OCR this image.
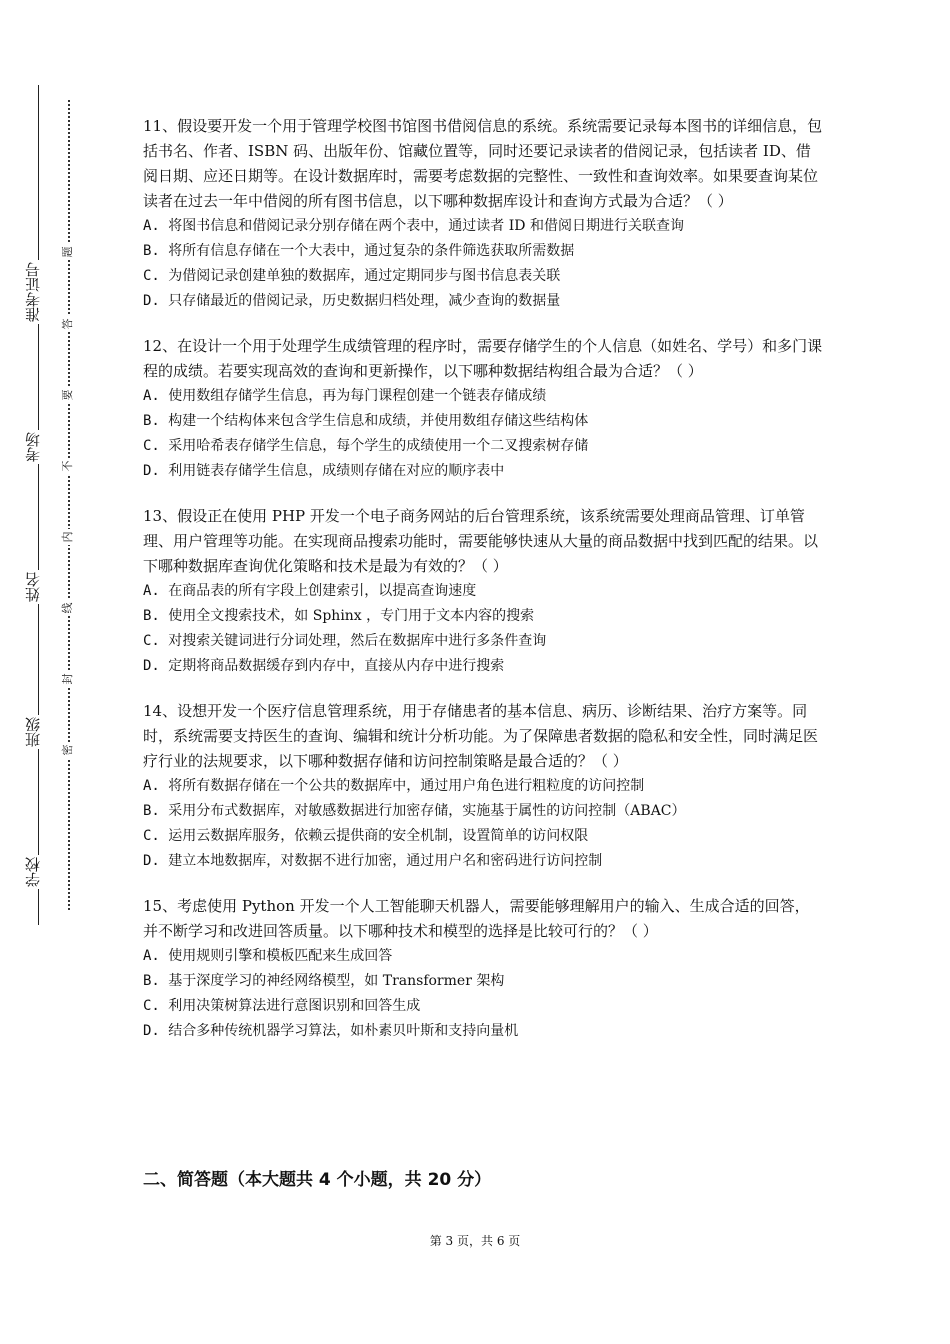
学校
班级
姓名
考场
准考证号
题
答
要
不
内
线
封
密
11、假设要开发一个用于管理学校图书馆图书借阅信息的系统。系统需要记录每本图书的详细信息，包括书名、作者、ISBN 码、出版年份、馆藏位置等，同时还要记录读者的借阅记录，包括读者 ID、借阅日期、应还日期等。在设计数据库时，需要考虑数据的完整性、一致性和查询效率。如果要查询某位读者在过去一年中借阅的所有图书信息，以下哪种数据库设计和查询方式最为合适？（ ）
A. 将图书信息和借阅记录分别存储在两个表中，通过读者 ID 和借阅日期进行关联查询
B. 将所有信息存储在一个大表中，通过复杂的条件筛选获取所需数据
C. 为借阅记录创建单独的数据库，通过定期同步与图书信息表关联
D. 只存储最近的借阅记录，历史数据归档处理，减少查询的数据量
12、在设计一个用于处理学生成绩管理的程序时，需要存储学生的个人信息（如姓名、学号）和多门课程的成绩。若要实现高效的查询和更新操作，以下哪种数据结构组合最为合适？（ ）
A. 使用数组存储学生信息，再为每门课程创建一个链表存储成绩
B. 构建一个结构体来包含学生信息和成绩，并使用数组存储这些结构体
C. 采用哈希表存储学生信息，每个学生的成绩使用一个二叉搜索树存储
D. 利用链表存储学生信息，成绩则存储在对应的顺序表中
13、假设正在使用 PHP 开发一个电子商务网站的后台管理系统，该系统需要处理商品管理、订单管理、用户管理等功能。在实现商品搜索功能时，需要能够快速从大量的商品数据中找到匹配的结果。以下哪种数据库查询优化策略和技术是最为有效的？（ ）
A. 在商品表的所有字段上创建索引，以提高查询速度
B. 使用全文搜索技术，如 Sphinx ，专门用于文本内容的搜索
C. 对搜索关键词进行分词处理，然后在数据库中进行多条件查询
D. 定期将商品数据缓存到内存中，直接从内存中进行搜索
14、设想开发一个医疗信息管理系统，用于存储患者的基本信息、病历、诊断结果、治疗方案等。同时，系统需要支持医生的查询、编辑和统计分析功能。为了保障患者数据的隐私和安全性，同时满足医疗行业的法规要求，以下哪种数据存储和访问控制策略是最合适的？（ ）
A. 将所有数据存储在一个公共的数据库中，通过用户角色进行粗粒度的访问控制
B. 采用分布式数据库，对敏感数据进行加密存储，实施基于属性的访问控制（ABAC）
C. 运用云数据库服务，依赖云提供商的安全机制，设置简单的访问权限
D. 建立本地数据库，对数据不进行加密，通过用户名和密码进行访问控制
15、考虑使用 Python 开发一个人工智能聊天机器人，需要能够理解用户的输入、生成合适的回答，并不断学习和改进回答质量。以下哪种技术和模型的选择是比较可行的？（ ）
A. 使用规则引擎和模板匹配来生成回答
B. 基于深度学习的神经网络模型，如 Transformer 架构
C. 利用决策树算法进行意图识别和回答生成
D. 结合多种传统机器学习算法，如朴素贝叶斯和支持向量机
二、简答题（本大题共 4 个小题，共 20 分）
第 3 页，共 6 页
